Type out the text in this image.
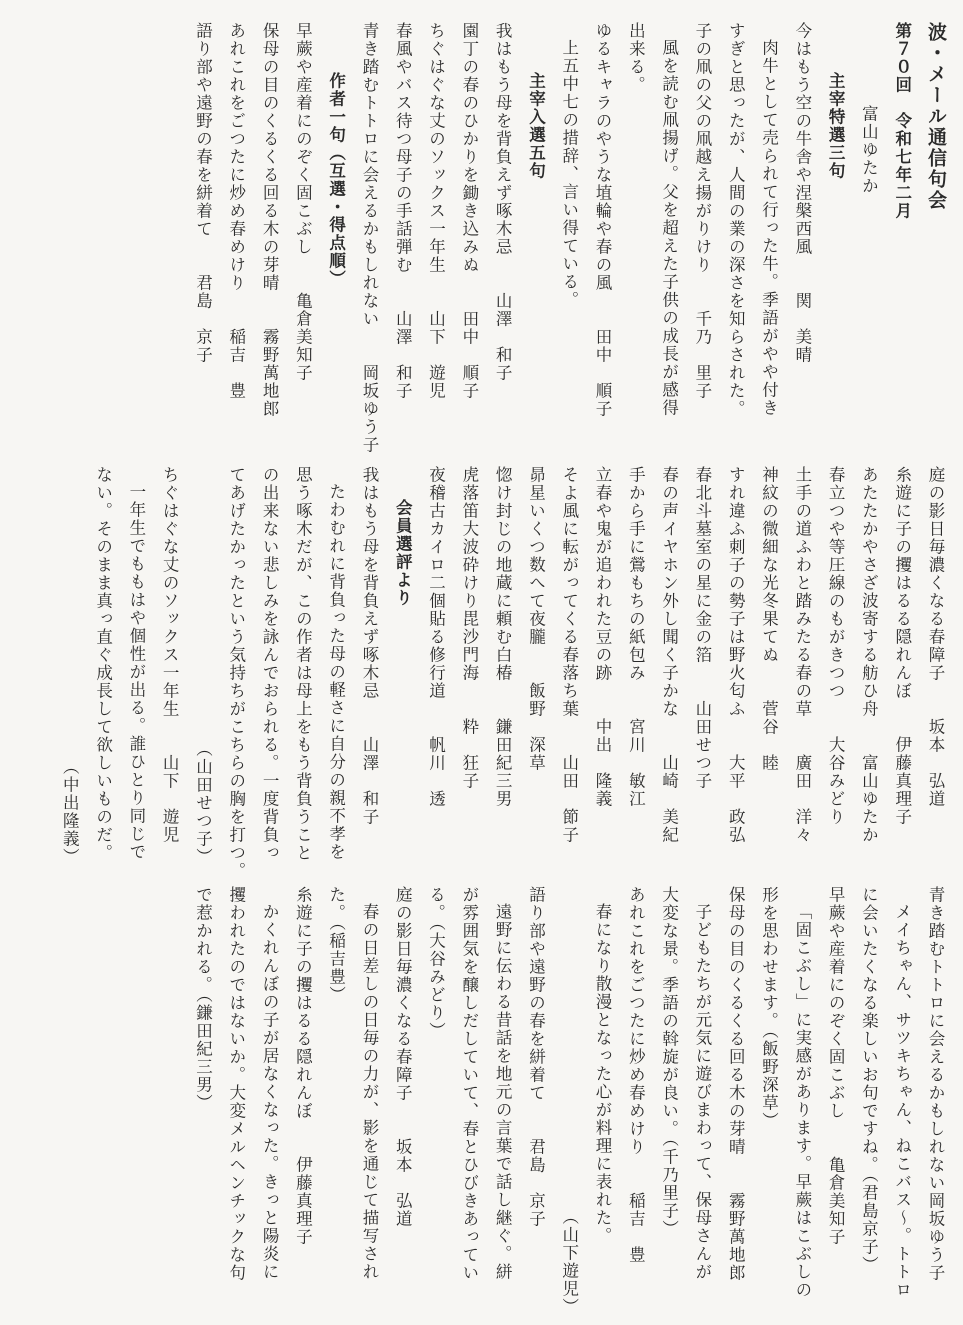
波・メール通信句会
第７０回　令和七年二月
富山ゆたか
主宰特選三句
今はもう空の牛舎や涅槃西風　　関　美晴
肉牛として売られて行った牛。季語がやや付き
すぎと思ったが、人間の業の深さを知らされた。
子の凧の父の凧越え揚がりけり　　千乃　里子
風を読む凧揚げ。父を超えた子供の成長が感得
出来る。
ゆるキャラのやうな埴輪や春の風　　田中　順子
上五中七の措辞、言い得ている。
主宰入選五句
我はもう母を背負えず啄木忌　　山澤　和子
園丁の春のひかりを鋤き込みぬ　　田中　順子
ちぐはぐな丈のソックス一年生　　山下　遊児
春風やバス待つ母子の手話弾む　　山澤　和子
青き踏むトトロに会えるかもしれない　　岡坂ゆう子
作者一句（互選・得点順）
早蕨や産着にのぞく固こぶし　　亀倉美知子
保母の目のくるくる回る木の芽晴　　霧野萬地郎
あれこれをごつたに炒め春めけり　　稲吉　豊
語り部や遠野の春を絣着て　　君島　京子
庭の影日毎濃くなる春障子　　坂本　弘道
糸遊に子の攫はるる隠れんぼ　　伊藤真理子
あたたかやさざ波寄する舫ひ舟　　富山ゆたか
春立つや等圧線のもがきつつ　　大谷みどり
土手の道ふわと踏みたる春の草　　廣田　洋々
神紋の微細な光冬果てぬ　　菅谷　睦
すれ違ふ刺子の勢子は野火匂ふ　　大平　政弘
春北斗墓室の星に金の箔　　山田せつ子
春の声イヤホン外し聞く子かな　　山崎　美紀
手から手に鶯もちの紙包み　　宮川　敏江
立春や鬼が追われた豆の跡　　中出　隆義
そよ風に転がってくる春落ち葉　　山田　節子
昴星いくつ数へて夜朧　　飯野　深草
惚け封じの地蔵に頼む白椿　　鎌田紀三男
虎落笛大波砕けり毘沙門海　　粋　狂子
夜稽古カイロ二個貼る修行道　　帆川　透
会員選評より
我はもう母を背負えず啄木忌　　山澤　和子
たわむれに背負った母の軽さに自分の親不孝を
思う啄木だが、この作者は母上をもう背負うこと
の出来ない悲しみを詠んでおられる。一度背負っ
てあげたかったという気持ちがこちらの胸を打つ。
（山田せつ子）
ちぐはぐな丈のソックス一年生　　山下　遊児
一年生でももはや個性が出る。誰ひとり同じで
ない。そのまま真っ直ぐ成長して欲しいものだ。
（中出隆義）
青き踏むトトロに会えるかもしれない岡坂ゆう子
メイちゃん、サツキちゃん、ねこバス〜。トトロ
に会いたくなる楽しいお句ですね。（君島京子）
早蕨や産着にのぞく固こぶし　　亀倉美知子
「固こぶし」に実感があります。早蕨はこぶしの
形を思わせます。（飯野深草）
保母の目のくるくる回る木の芽晴　　霧野萬地郎
子どもたちが元気に遊びまわって、保母さんが
大変な景。季語の斡旋が良い。（千乃里子）
あれこれをごつたに炒め春めけり　　稲吉　豊
春になり散漫となった心が料理に表れた。
（山下遊児）
語り部や遠野の春を絣着て　　君島　京子
遠野に伝わる昔話を地元の言葉で話し継ぐ。絣
が雰囲気を醸しだしていて、春とひびきあってい
る。（大谷みどり）
庭の影日毎濃くなる春障子　　坂本　弘道
春の日差しの日毎の力が、影を通じて描写され
た。（稲吉豊）
糸遊に子の攫はるる隠れんぼ　　伊藤真理子
かくれんぼの子が居なくなった。きっと陽炎に
攫われたのではないか。大変メルヘンチックな句
で惹かれる。（鎌田紀三男）
